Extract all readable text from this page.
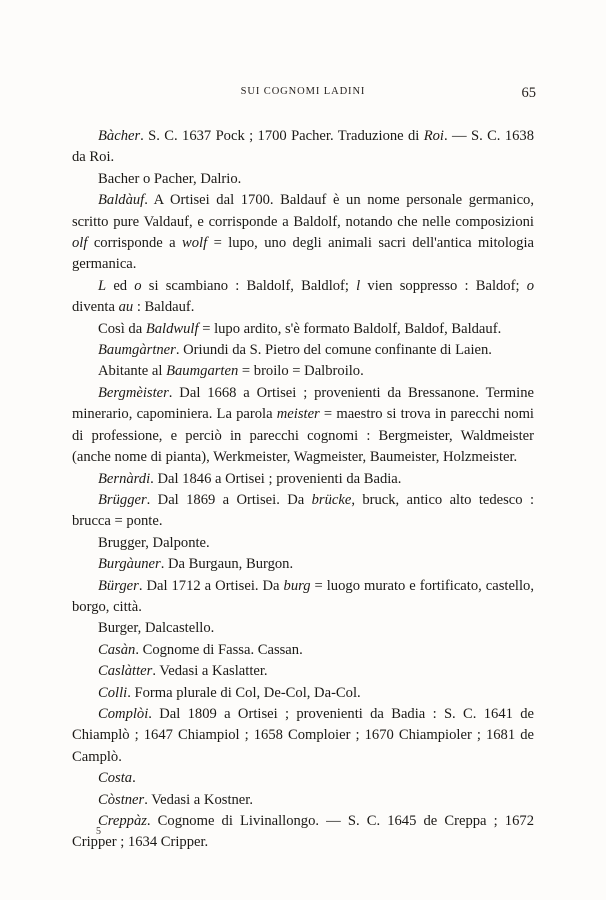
SUI COGNOMI LADINI	65

Bàcher. S. C. 1637 Pock ; 1700 Pacher. Traduzione di Roi. — S. C. 1638 da Roi.

Bacher o Pacher, Dalrio.

Baldàuf. A Ortisei dal 1700. Baldauf è un nome personale germanico, scritto pure Valdauf, e corrisponde a Baldolf, notando che nelle composizioni olf corrisponde a wolf = lupo, uno degli animali sacri dell'antica mitologia germanica.

L ed o si scambiano : Baldolf, Baldlof; l vien soppresso : Baldof; o diventa au : Baldauf.

Così da Baldwulf = lupo ardito, s'è formato Baldolf, Baldof, Baldauf.

Baumgàrtner. Oriundi da S. Pietro del comune confinante di Laien.

Abitante al Baumgarten = broilo = Dalbroilo.

Bergmèister. Dal 1668 a Ortisei ; provenienti da Bressanone. Termine minerario, capominiera. La parola meister = maestro si trova in parecchi nomi di professione, e perciò in parecchi cognomi : Bergmeister, Waldmeister (anche nome di pianta), Werkmeister, Wagmeister, Baumeister, Holzmeister.

Bernàrdi. Dal 1846 a Ortisei ; provenienti da Badia.

Brügger. Dal 1869 a Ortisei. Da brücke, bruck, antico alto tedesco : brucca = ponte.

Brugger, Dalponte.

Burgàuner. Da Burgaun, Burgon.

Bürger. Dal 1712 a Ortisei. Da burg = luogo murato e fortificato, castello, borgo, città.

Burger, Dalcastello.

Casàn. Cognome di Fassa. Cassan.

Caslàtter. Vedasi a Kaslatter.

Colli. Forma plurale di Col, De-Col, Da-Col.

Complòi. Dal 1809 a Ortisei ; provenienti da Badia : S. C. 1641 de Chiamplò ; 1647 Chiampiol ; 1658 Comploier ; 1670 Chiampioler ; 1681 de Camplò.

Costa.

Còstner. Vedasi a Kostner.

Creppàz. Cognome di Livinallongo. — S. C. 1645 de Creppa ; 1672 Cripper ; 1634 Cripper.

5
